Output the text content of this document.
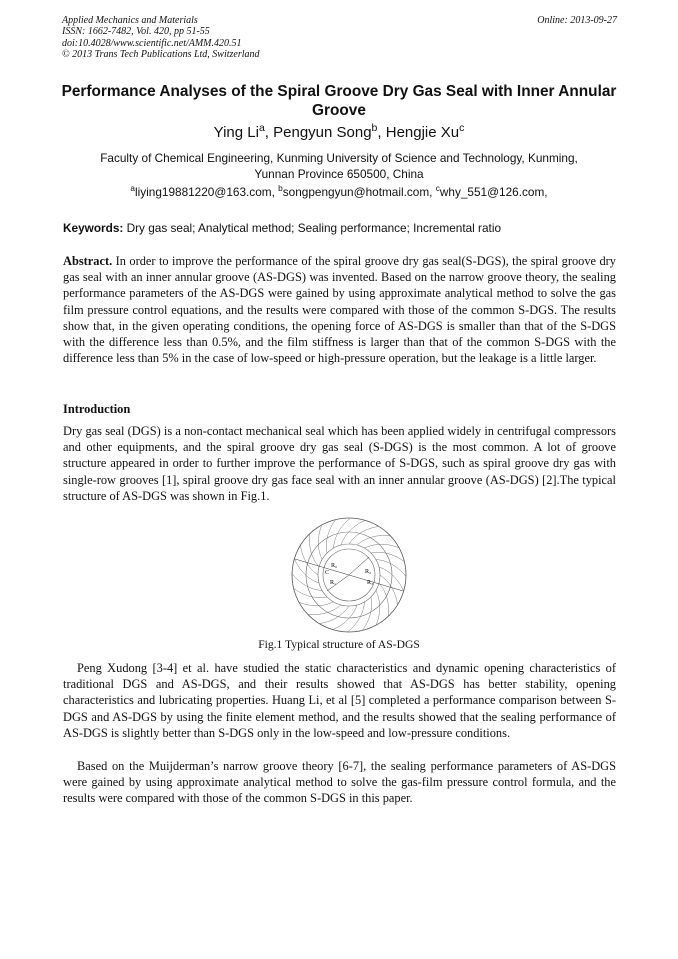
Applied Mechanics and Materials
ISSN: 1662-7482, Vol. 420, pp 51-55
doi:10.4028/www.scientific.net/AMM.420.51
© 2013 Trans Tech Publications Ltd, Switzerland
Online: 2013-09-27
Performance Analyses of the Spiral Groove Dry Gas Seal with Inner Annular Groove
Ying Li$^a$, Pengyun Song$^b$, Hengjie Xu$^c$
Faculty of Chemical Engineering, Kunming University of Science and Technology, Kunming,
Yunnan Province 650500, China
$^a$liying19881220@163.com, $^b$songpengyun@hotmail.com, $^c$why_551@126.com,
Keywords: Dry gas seal; Analytical method; Sealing performance; Incremental ratio
Abstract. In order to improve the performance of the spiral groove dry gas seal(S-DGS), the spiral groove dry gas seal with an inner annular groove (AS-DGS) was invented. Based on the narrow groove theory, the sealing performance parameters of the AS-DGS were gained by using approximate analytical method to solve the gas film pressure control equations, and the results were compared with those of the common S-DGS. The results show that, in the given operating conditions, the opening force of AS-DGS is smaller than that of the S-DGS with the difference less than 0.5%, and the film stiffness is larger than that of the common S-DGS with the difference less than 5% in the case of low-speed or high-pressure operation, but the leakage is a little larger.
Introduction
Dry gas seal (DGS) is a non-contact mechanical seal which has been applied widely in centrifugal compressors and other equipments, and the spiral groove dry gas seal (S-DGS) is the most common. A lot of groove structure appeared in order to further improve the performance of S-DGS, such as spiral groove dry gas with single-row grooves [1], spiral groove dry gas face seal with an inner annular groove (AS-DGS) [2].The typical structure of AS-DGS was shown in Fig.1.
R₀
R₁
R₂
R₃
C
Fig.1 Typical structure of AS-DGS
Peng Xudong [3-4] et al. have studied the static characteristics and dynamic opening characteristics of traditional DGS and AS-DGS, and their results showed that AS-DGS has better stability, opening characteristics and lubricating properties. Huang Li, et al [5] completed a performance comparison between S-DGS and AS-DGS by using the finite element method, and the results showed that the sealing performance of AS-DGS is slightly better than S-DGS only in the low-speed and low-pressure conditions.
Based on the Muijderman’s narrow groove theory [6-7], the sealing performance parameters of AS-DGS were gained by using approximate analytical method to solve the gas-film pressure control formula, and the results were compared with those of the common S-DGS in this paper.
